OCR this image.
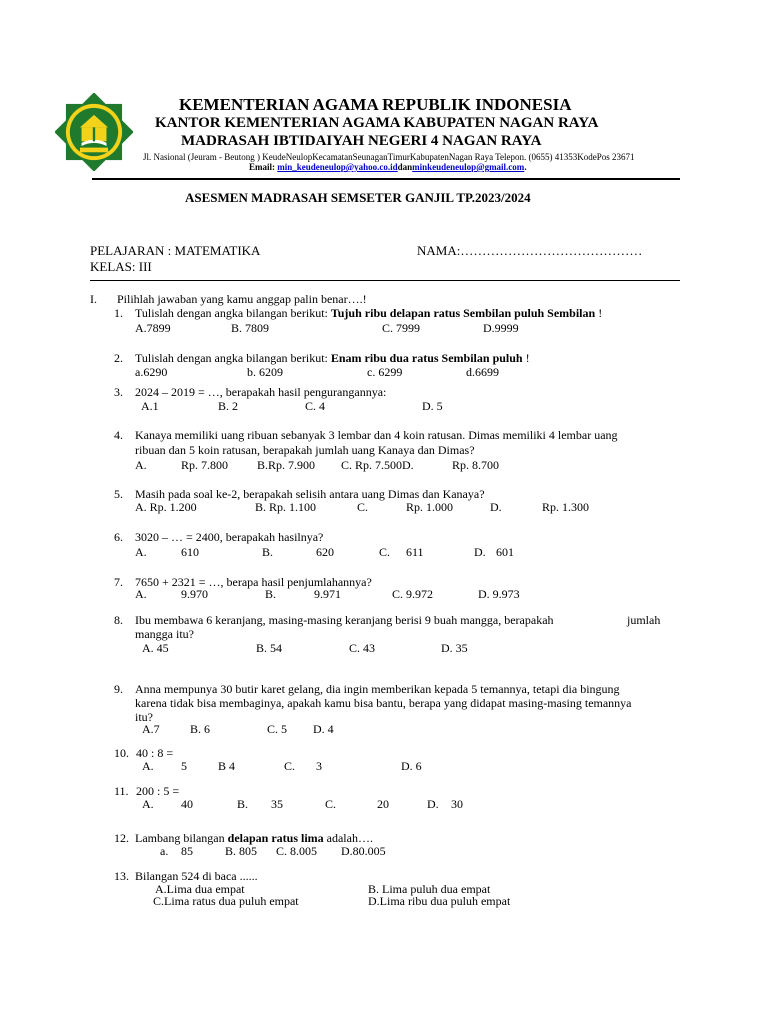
KEMENTERIAN AGAMA REPUBLIK INDONESIA
KANTOR KEMENTERIAN AGAMA KABUPATEN NAGAN RAYA
MADRASAH IBTIDAIYAH NEGERI 4 NAGAN RAYA
Jl. Nasional (Jeuram - Beutong ) KeudeNeulopKecamatanSeunaganTimurKabupatenNagan Raya Telepon. (0655) 41353KodePos 23671
Email: min_keudeneulop@yahoo.co.iddanminkeudeneulop@gmail.com.
ASESMEN MADRASAH SEMSETER GANJIL TP.2023/2024
PELAJARAN : MATEMATIKA	NAMA:……………………………………
KELAS: III
I. Pilihlah jawaban yang kamu anggap palin benar….!
1. Tulislah dengan angka bilangan berikut: Tujuh ribu delapan ratus Sembilan puluh Sembilan !
A.7899	B. 7809	C. 7999	D.9999
2. Tulislah dengan angka bilangan berikut: Enam ribu dua ratus Sembilan puluh !
a.6290	b. 6209	c. 6299	d.6699
3. 2024 – 2019 = …, berapakah hasil pengurangannya:
A.1	B. 2	C. 4	D. 5
4. Kanaya memiliki uang ribuan sebanyak 3 lembar dan 4 koin ratusan. Dimas memiliki 4 lembar uang
ribuan dan 5 koin ratusan, berapakah jumlah uang Kanaya dan Dimas?
A.	Rp. 7.800 B.Rp. 7.900 C. Rp. 7.500D.	Rp. 8.700
5. Masih pada soal ke-2, berapakah selisih antara uang Dimas dan Kanaya?
A. Rp. 1.200	B. Rp. 1.100	C.	Rp. 1.000	D.	Rp. 1.300
6. 3020 – … = 2400, berapakah hasilnya?
A.	610	B.	620	C. 611	D. 601
7. 7650 + 2321 = …, berapa hasil penjumlahannya?
A.	9.970	B.	9.971	C. 9.972	D. 9.973
8. Ibu membawa 6 keranjang, masing-masing keranjang berisi 9 buah mangga, berapakah	jumlah
mangga itu?
A. 45	B. 54	C. 43	D. 35
9. Anna mempunya 30 butir karet gelang, dia ingin memberikan kepada 5 temannya, tetapi dia bingung
karena tidak bisa membaginya, apakah kamu bisa bantu, berapa yang didapat masing-masing temannya
itu?
A.7	B. 6	C. 5 D. 4
10. 40 : 8 =
A. 5	B 4	C. 3	D. 6
11. 200 : 5 =
A. 40	B. 35	C.	20	D. 30
12. Lambang bilangan delapan ratus lima adalah….
a. 85	B. 805 C. 8.005 D.80.005
13. Bilangan 524 di baca ......
A.Lima dua empat	B. Lima puluh dua empat
C.Lima ratus dua puluh empat	D.Lima ribu dua puluh empat
